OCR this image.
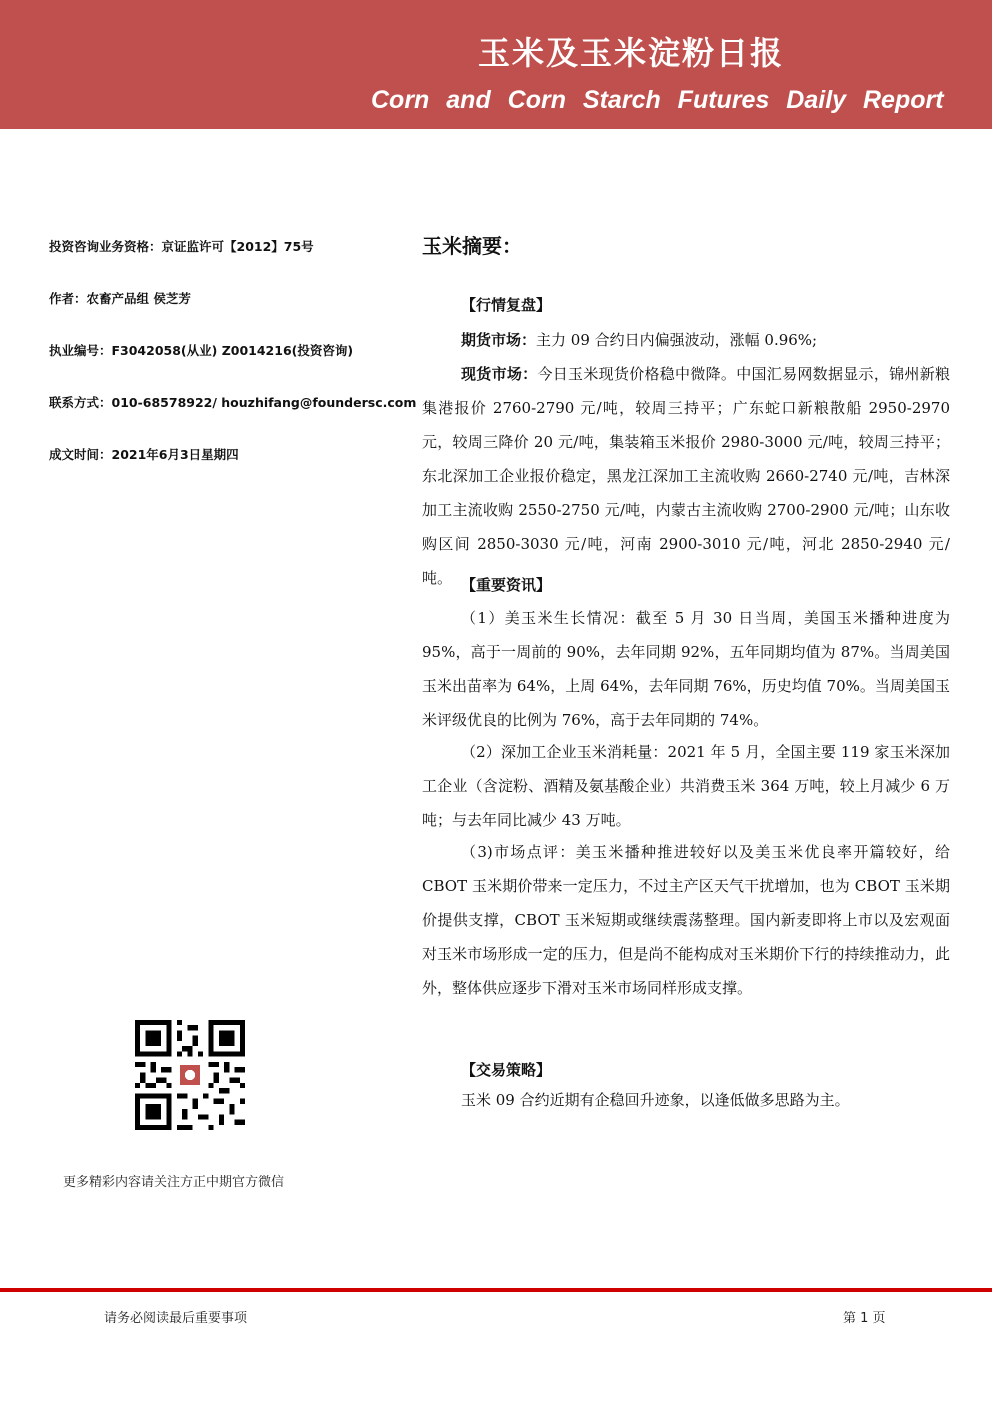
玉米及玉米淀粉日报
Corn and Corn Starch Futures Daily Report
投资咨询业务资格：京证监许可【2012】75号
作者：农畜产品组 侯芝芳
执业编号：F3042058(从业) Z0014216(投资咨询)
联系方式：010-68578922/ houzhifang@foundersc.com
成文时间：2021年6月3日星期四
玉米摘要：
【行情复盘】
期货市场：主力 09 合约日内偏强波动，涨幅 0.96%;
现货市场：今日玉米现货价格稳中微降。中国汇易网数据显示，锦州新粮集港报价 2760-2790 元/吨，较周三持平；广东蛇口新粮散船 2950-2970 元，较周三降价 20 元/吨，集装箱玉米报价 2980-3000 元/吨，较周三持平；东北深加工企业报价稳定，黑龙江深加工主流收购 2660-2740 元/吨，吉林深加工主流收购 2550-2750 元/吨，内蒙古主流收购 2700-2900 元/吨；山东收购区间 2850-3030 元/吨，河南 2900-3010 元/吨，河北 2850-2940 元/吨。 【重要资讯】
（1）美玉米生长情况：截至 5 月 30 日当周，美国玉米播种进度为 95%，高于一周前的 90%，去年同期 92%，五年同期均值为 87%。当周美国玉米出苗率为 64%，上周 64%，去年同期 76%，历史均值 70%。当周美国玉米评级优良的比例为 76%，高于去年同期的 74%。
（2）深加工企业玉米消耗量：2021 年 5 月，全国主要 119 家玉米深加工企业（含淀粉、酒精及氨基酸企业）共消费玉米 364 万吨，较上月减少 6 万吨；与去年同比减少 43 万吨。
（3)市场点评：美玉米播种推进较好以及美玉米优良率开篇较好，给 CBOT 玉米期价带来一定压力，不过主产区天气干扰增加，也为 CBOT 玉米期价提供支撑，CBOT 玉米短期或继续震荡整理。国内新麦即将上市以及宏观面对玉米市场形成一定的压力，但是尚不能构成对玉米期价下行的持续推动力，此外，整体供应逐步下滑对玉米市场同样形成支撑。
【交易策略】
玉米 09 合约近期有企稳回升迹象，以逢低做多思路为主。
更多精彩内容请关注方正中期官方微信
请务必阅读最后重要事项	第 1 页
